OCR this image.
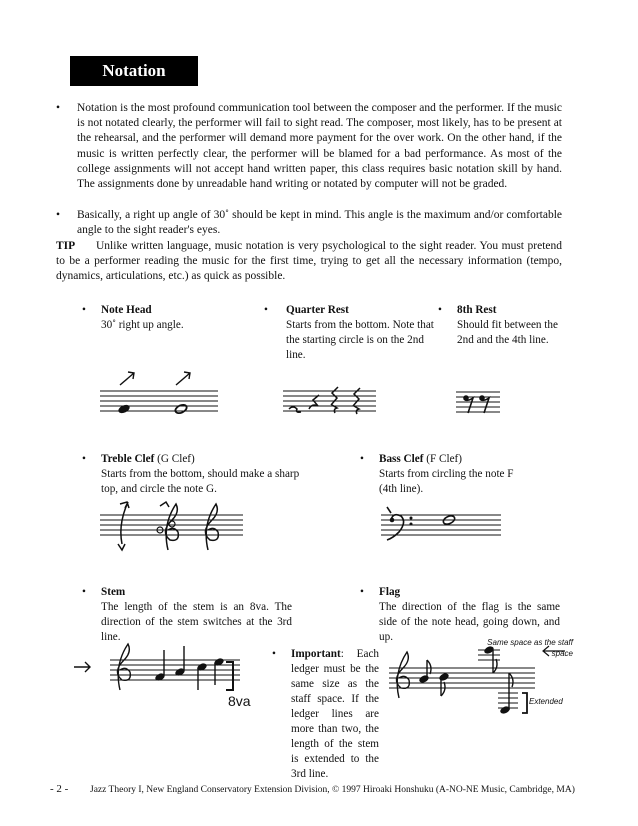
Notation
• Notation is the most profound communication tool between the composer and the performer. If the music is not notated clearly, the performer will fail to sight read. The composer, most likely, has to be present at the rehearsal, and the performer will demand more payment for the over work. On the other hand, if the music is written perfectly clear, the performer will be blamed for a bad performance. As most of the college assignments will not accept hand written paper, this class requires basic notation skill by hand. The assignments done by unreadable hand writing or notated by computer will not be graded.
• Basically, a right up angle of 30˚ should be kept in mind. This angle is the maximum and/or comfortable angle to the sight reader's eyes.
TIP	Unlike written language, music notation is very psychological to the sight reader. You must pretend to be a performer reading the music for the first time, trying to get all the necessary information (tempo, dynamics, articulations, etc.) as quick as possible.
• Note Head
30˚ right up angle.
• Quarter Rest
Starts from the bottom. Note that the starting circle is on the 2nd line.
• 8th Rest
Should fit between the 2nd and the 4th line.
• Treble Clef (G Clef)
Starts from the bottom, should make a sharp top, and circle the note G.
• Bass Clef (F Clef)
Starts from circling the note F (4th line).
• Stem
The length of the stem is an 8va. The direction of the stem switches at the 3rd line.
8va
• Flag
The direction of the flag is the same side of the note head, going down, and up.
• Important: Each ledger must be the same size as the staff space. If the ledger lines are more than two, the length of the stem is extended to the 3rd line.
Same space as the staff space
Extended
- 2 - Jazz Theory I, New England Conservatory Extension Division, © 1997 Hiroaki Honshuku (A-NO-NE Music, Cambridge, MA)
